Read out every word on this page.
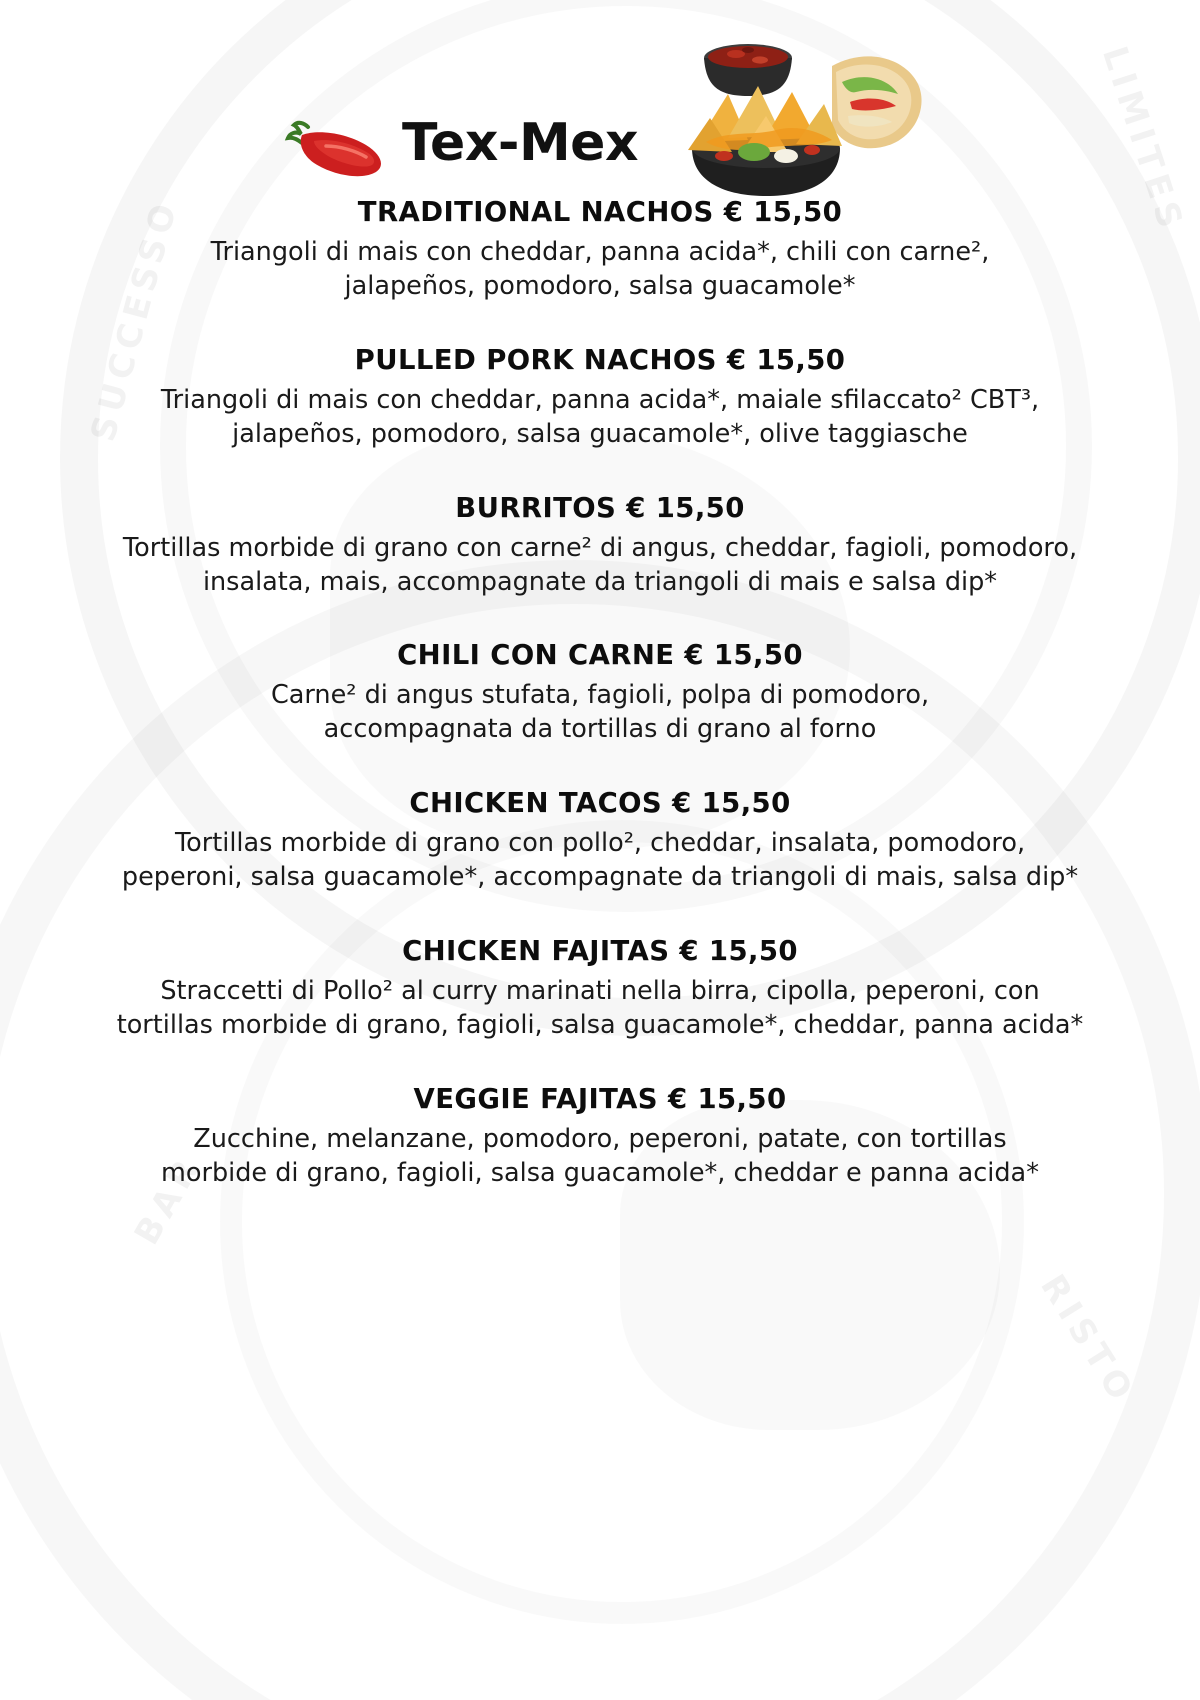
SUCCESSO
LIMITES
BAR
RISTO
Tex-Mex
TRADITIONAL NACHOS € 15,50
Triangoli di mais con cheddar, panna acida*, chili con carne²,
jalapeños, pomodoro, salsa guacamole*
PULLED PORK NACHOS € 15,50
Triangoli di mais con cheddar, panna acida*, maiale sfilaccato² CBT³,
jalapeños, pomodoro, salsa guacamole*, olive taggiasche
BURRITOS € 15,50
Tortillas morbide di grano con carne² di angus, cheddar, fagioli, pomodoro,
insalata, mais, accompagnate da triangoli di mais e salsa dip*
CHILI CON CARNE € 15,50
Carne² di angus stufata, fagioli, polpa di pomodoro,
accompagnata da tortillas di grano al forno
CHICKEN TACOS € 15,50
Tortillas morbide di grano con pollo², cheddar, insalata, pomodoro,
peperoni, salsa guacamole*, accompagnate da triangoli di mais, salsa dip*
CHICKEN FAJITAS € 15,50
Straccetti di Pollo² al curry marinati nella birra, cipolla, peperoni, con
tortillas morbide di grano, fagioli, salsa guacamole*, cheddar, panna acida*
VEGGIE FAJITAS € 15,50
Zucchine, melanzane, pomodoro, peperoni, patate, con tortillas
morbide di grano, fagioli, salsa guacamole*, cheddar e panna acida*
